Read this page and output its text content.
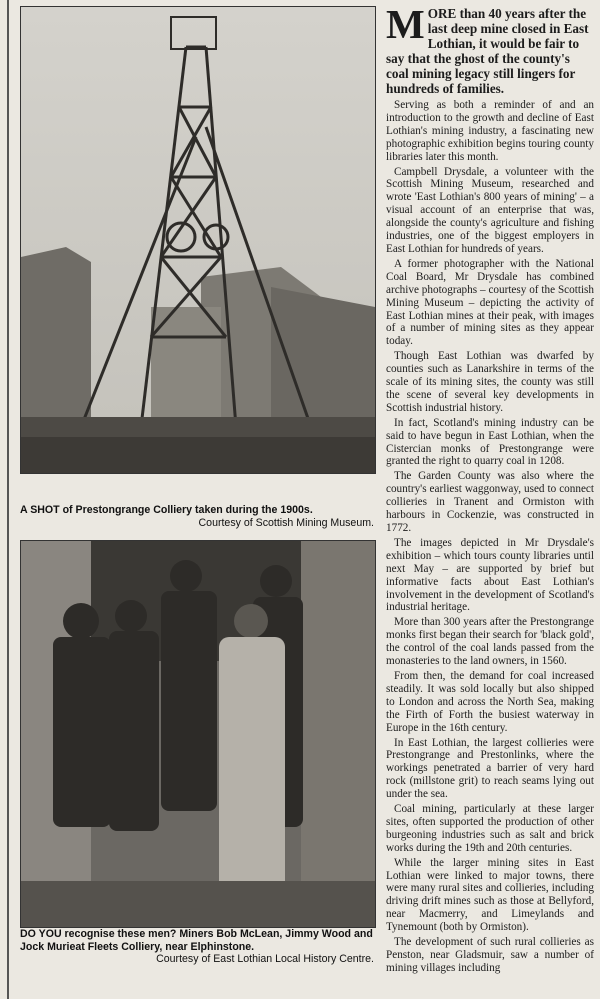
A SHOT of Prestongrange Colliery taken during the 1900s.
Courtesy of Scottish Mining Museum.
DO YOU recognise these men? Miners Bob McLean, Jimmy Wood and Jock Murieat Fleets Colliery, near Elphinstone.
Courtesy of East Lothian Local History Centre.
M ORE than 40 years after the last deep mine closed in East Lothian, it would be fair to say that the ghost of the county's coal mining legacy still lingers for hundreds of families.

Serving as both a reminder of and an introduction to the growth and decline of East Lothian's mining industry, a fascinating new photographic exhibition begins touring county libraries later this month.

Campbell Drysdale, a volunteer with the Scottish Mining Museum, researched and wrote 'East Lothian's 800 years of mining' – a visual account of an enterprise that was, alongside the county's agriculture and fishing industries, one of the biggest employers in East Lothian for hundreds of years.

A former photographer with the National Coal Board, Mr Drysdale has combined archive photographs – courtesy of the Scottish Mining Museum – depicting the activity of East Lothian mines at their peak, with images of a number of mining sites as they appear today.

Though East Lothian was dwarfed by counties such as Lanarkshire in terms of the scale of its mining sites, the county was still the scene of several key developments in Scottish industrial history.

In fact, Scotland's mining industry can be said to have begun in East Lothian, when the Cistercian monks of Prestongrange were granted the right to quarry coal in 1208.

The Garden County was also where the country's earliest waggonway, used to connect collieries in Tranent and Ormiston with harbours in Cockenzie, was constructed in 1772.

The images depicted in Mr Drysdale's exhibition – which tours county libraries until next May – are supported by brief but informative facts about East Lothian's involvement in the development of Scotland's industrial heritage.

More than 300 years after the Prestongrange monks first began their search for 'black gold', the control of the coal lands passed from the monasteries to the land owners, in 1560.

From then, the demand for coal increased steadily. It was sold locally but also shipped to London and across the North Sea, making the Firth of Forth the busiest waterway in Europe in the 16th century.

In East Lothian, the largest collieries were Prestongrange and Prestonlinks, where the workings penetrated a barrier of very hard rock (millstone grit) to reach seams lying out under the sea.

Coal mining, particularly at these larger sites, often supported the production of other burgeoning industries such as salt and brick works during the 19th and 20th centuries.

While the larger mining sites in East Lothian were linked to major towns, there were many rural sites and collieries, including driving drift mines such as those at Bellyford, near Macmerry, and Limeylands and Tynemount (both by Ormiston).

The development of such rural collieries as Penston, near Gladsmuir, saw a number of mining villages including
